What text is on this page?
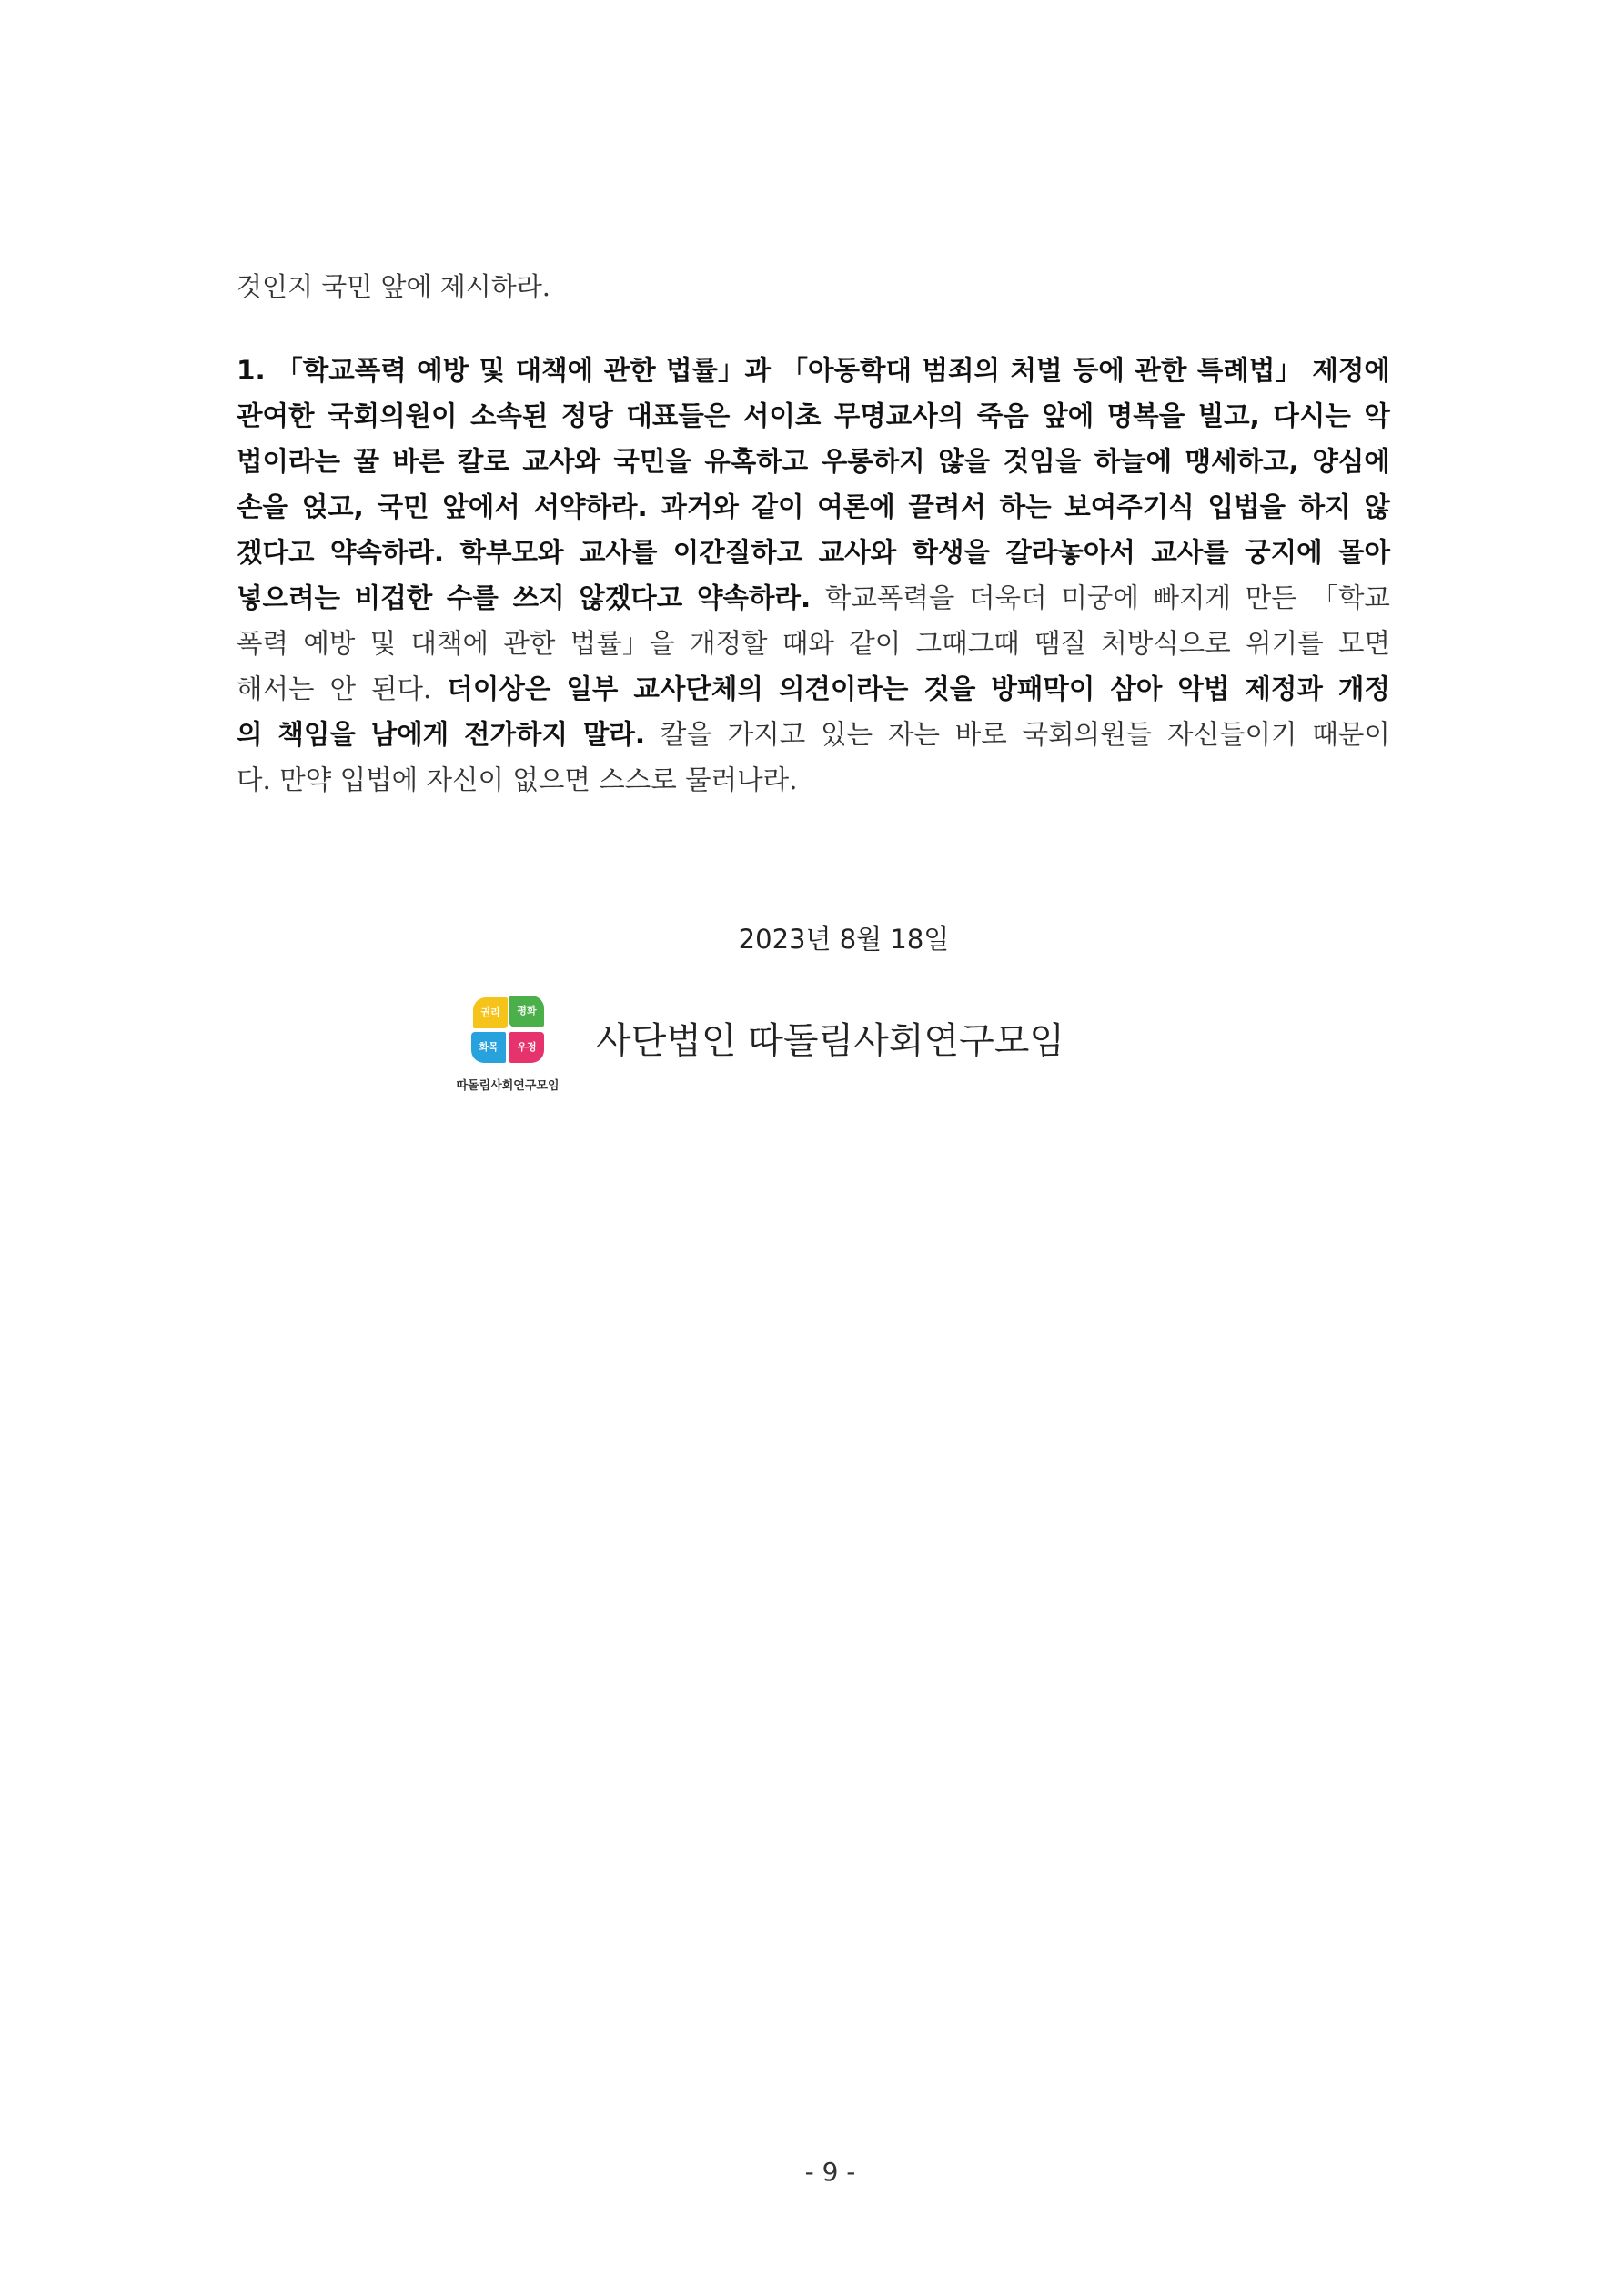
것인지 국민 앞에 제시하라.
1. 「학교폭력 예방 및 대책에 관한 법률」과 「아동학대 범죄의 처벌 등에 관한 특례법」 제정에
관여한 국회의원이 소속된 정당 대표들은 서이초 무명교사의 죽음 앞에 명복을 빌고, 다시는 악
법이라는 꿀 바른 칼로 교사와 국민을 유혹하고 우롱하지 않을 것임을 하늘에 맹세하고, 양심에
손을 얹고, 국민 앞에서 서약하라. 과거와 같이 여론에 끌려서 하는 보여주기식 입법을 하지 않
겠다고 약속하라. 학부모와 교사를 이간질하고 교사와 학생을 갈라놓아서 교사를 궁지에 몰아
넣으려는 비겁한 수를 쓰지 않겠다고 약속하라. 학교폭력을 더욱더 미궁에 빠지게 만든 「학교
폭력 예방 및 대책에 관한 법률」을 개정할 때와 같이 그때그때 땜질 처방식으로 위기를 모면
해서는 안 된다. 더이상은 일부 교사단체의 의견이라는 것을 방패막이 삼아 악법 제정과 개정
의 책임을 남에게 전가하지 말라. 칼을 가지고 있는 자는 바로 국회의원들 자신들이기 때문이
다. 만약 입법에 자신이 없으면 스스로 물러나라.
2023년 8월 18일
권리	평화
화목	우정
따돌림사회연구모임
사단법인 따돌림사회연구모임
- 9 -
